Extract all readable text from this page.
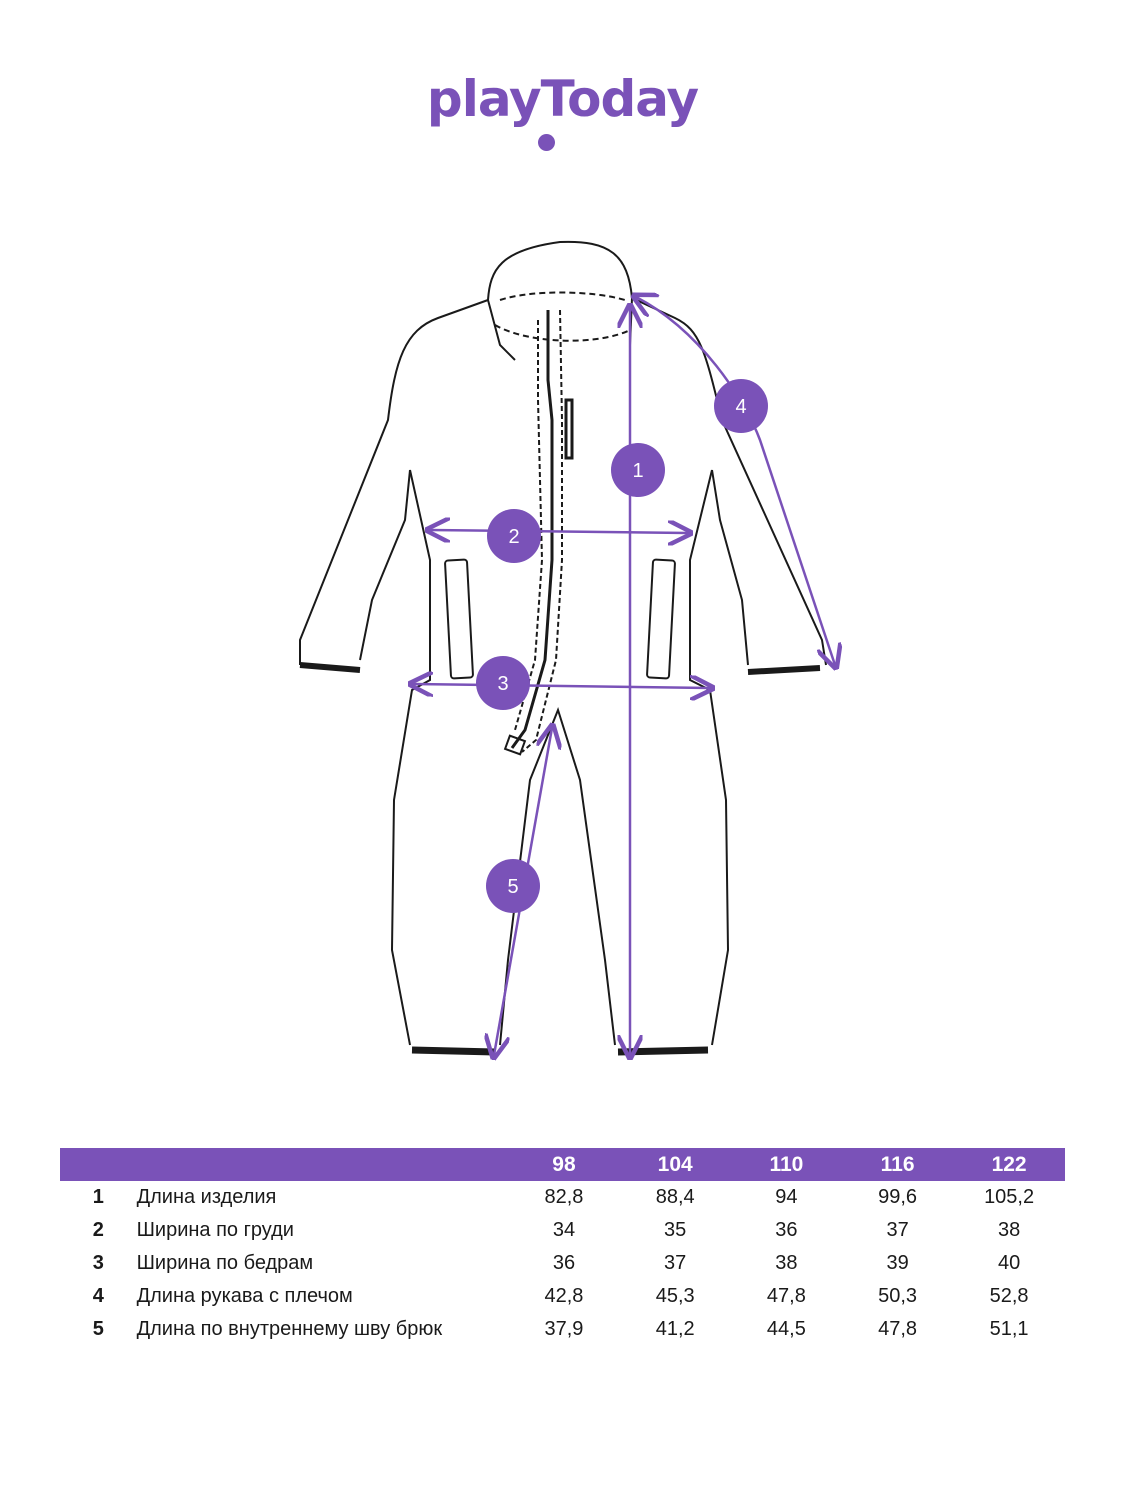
playToday
1
2
3
4
5
		98	104	110	116	122
1	Длина изделия	82,8	88,4	94	99,6	105,2
2	Ширина по груди	34	35	36	37	38
3	Ширина по бедрам	36	37	38	39	40
4	Длина рукава с плечом	42,8	45,3	47,8	50,3	52,8
5	Длина по внутреннему шву брюк	37,9	41,2	44,5	47,8	51,1
